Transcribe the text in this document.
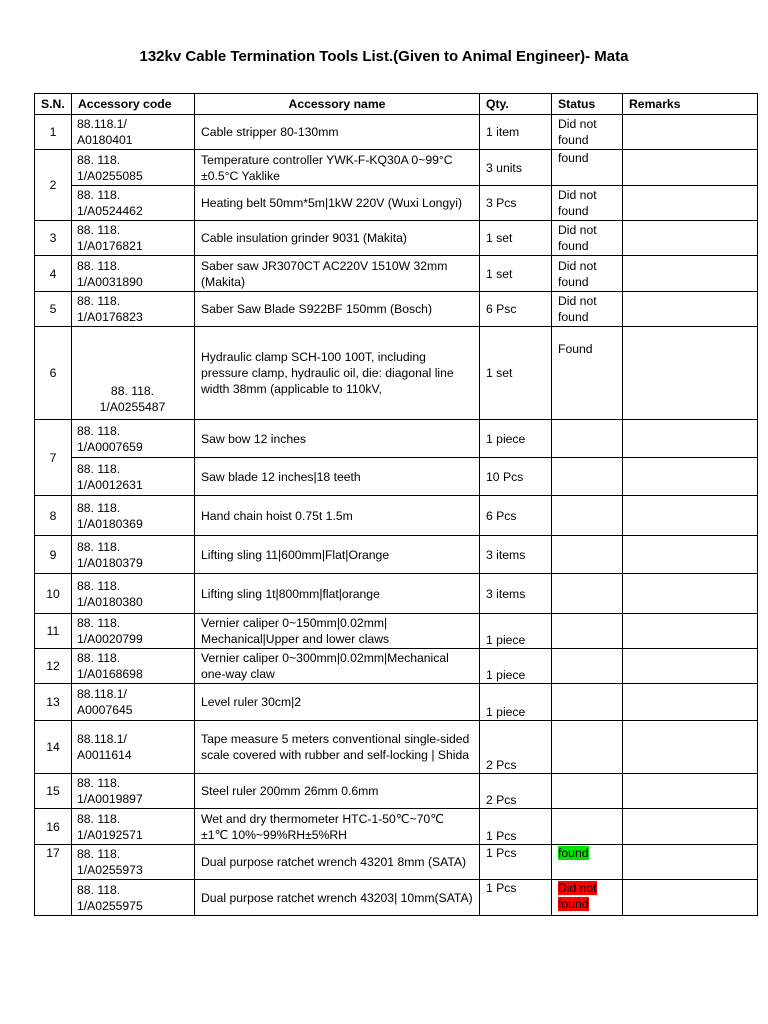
132kv Cable Termination Tools List.(Given to Animal Engineer)- Mata
S.N.	Accessory code	Accessory name	Qty.	Status	Remarks
1	88.118.1/
A0180401	Cable stripper 80-130mm	1 item	Did not found	
2	88. 118.
1/A0255085	Temperature controller YWK-F-KQ30A 0~99°C ±0.5°C Yaklike	3 units	found	

	88. 118.
1/A0524462	Heating belt 50mm*5m|1kW 220V (Wuxi Longyi)	3 Pcs	Did not found	
3	88. 118.
1/A0176821	Cable insulation grinder 9031 (Makita)	1 set	Did not found	
4	88. 118.
1/A0031890	Saber saw JR3070CT AC220V 1510W 32mm (Makita)	1 set	Did not found	
5	88. 118.
1/A0176823	Saber Saw Blade S922BF 150mm (Bosch)	6 Psc	Did not found	
6	88. 118.
1/A0255487	Hydraulic clamp SCH-100 100T, including pressure clamp, hydraulic oil, die: diagonal line width 38mm (applicable to 110kV,	1 set	Found	
7	88. 118.
1/A0007659	Saw bow 12 inches	1 piece		

	88. 118.
1/A0012631	Saw blade 12 inches|18 teeth	10 Pcs		
8	88. 118.
1/A0180369	Hand chain hoist 0.75t 1.5m	6 Pcs		
9	88. 118.
1/A0180379	Lifting sling 11|600mm|Flat|Orange	3 items		
10	88. 118.
1/A0180380	Lifting sling 1t|800mm|flat|orange	3 items		
11	88. 118.
1/A0020799	Vernier caliper 0~150mm|0.02mm| Mechanical|Upper and lower claws	1 piece		
12	88. 118.
1/A0168698	Vernier caliper 0~300mm|0.02mm|Mechanical one-way claw	1 piece		
13	88.118.1/
A0007645	Level ruler 30cm|2	1 piece		
14	88.118.1/
A0011614	Tape measure 5 meters conventional single-sided scale covered with rubber and self-locking | Shida	2 Pcs		
15	88. 118.
1/A0019897	Steel ruler 200mm 26mm 0.6mm	2 Pcs		
16	88. 118.
1/A0192571	Wet and dry thermometer HTC-1-50℃~70℃ ±1℃ 10%~99%RH±5%RH	1 Pcs		
17	88. 118.
1/A0255973	Dual purpose ratchet wrench 43201 8mm (SATA)	1 Pcs	found	

	88. 118.
1/A0255975	Dual purpose ratchet wrench 43203| 10mm(SATA)	1 Pcs	Did not found	
